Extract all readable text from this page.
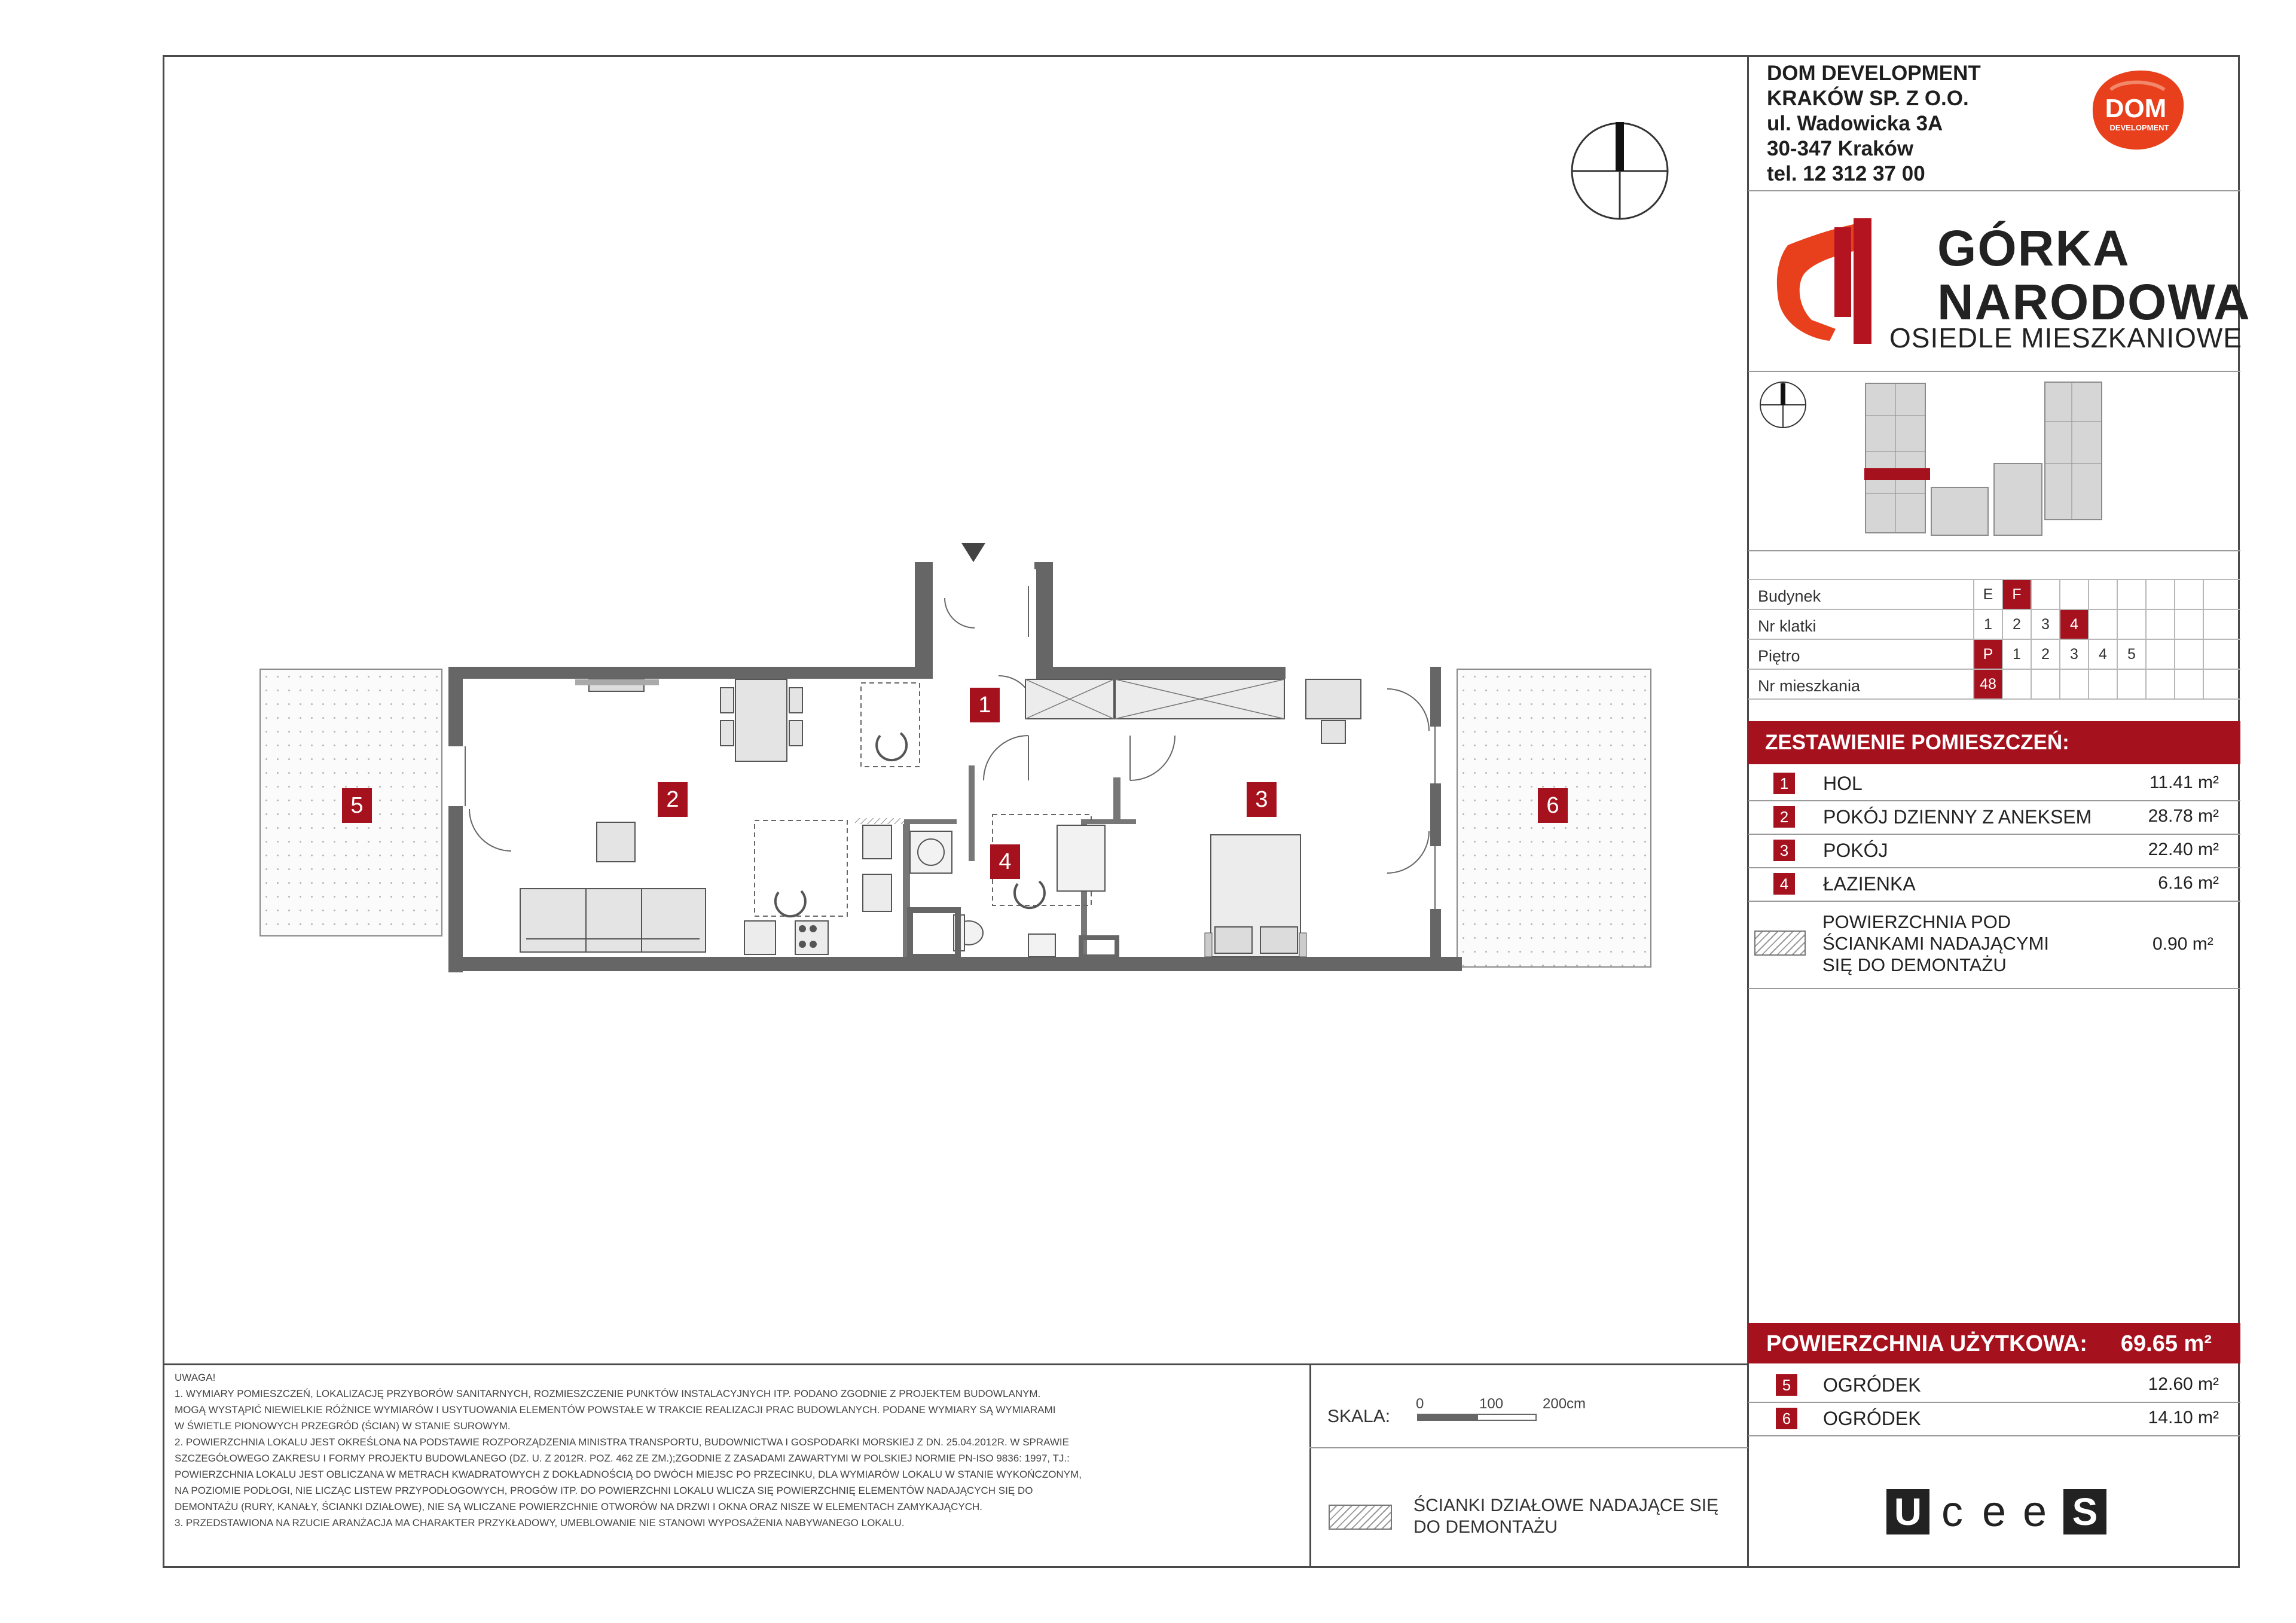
DOM DEVELOPMENT
KRAKÓW SP. Z O.O.
ul. Wadowicka 3A
30-347 Kraków
tel. 12 312 37 00
DOM
DEVELOPMENT
GÓRKA
NARODOWA
OSIEDLE MIESZKANIOWE
Budynek	E	F
Nr klatki	1	2	3	4
Piętro	P	1	2	3	4	5
Nr mieszkania	48
ZESTAWIENIE POMIESZCZEŃ:
1	HOL	11.41 m²
2	POKÓJ DZIENNY Z ANEKSEM	28.78 m²
3	POKÓJ	22.40 m²
4	ŁAZIENKA	6.16 m²
POWIERZCHNIA POD
ŚCIANKAMI NADAJĄCYMI
SIĘ DO DEMONTAŻU
0.90 m²
POWIERZCHNIA UŻYTKOWA: 69.65 m²
5	OGRÓDEK	12.60 m²
6	OGRÓDEK	14.10 m²
U c e e S
SKALA:
0	100	200cm
ŚCIANKI DZIAŁOWE NADAJĄCE SIĘ
DO DEMONTAŻU
UWAGA!
1. WYMIARY POMIESZCZEŃ, LOKALIZACJĘ PRZYBORÓW SANITARNYCH, ROZMIESZCZENIE PUNKTÓW INSTALACYJNYCH ITP. PODANO ZGODNIE Z PROJEKTEM BUDOWLANYM.
MOGĄ WYSTĄPIĆ NIEWIELKIE RÓŻNICE WYMIARÓW I USYTUOWANIA ELEMENTÓW POWSTAŁE W TRAKCIE REALIZACJI PRAC BUDOWLANYCH. PODANE WYMIARY SĄ WYMIARAMI
W ŚWIETLE PIONOWYCH PRZEGRÓD (ŚCIAN) W STANIE SUROWYM.
2. POWIERZCHNIA LOKALU JEST OKREŚLONA NA PODSTAWIE ROZPORZĄDZENIA MINISTRA TRANSPORTU, BUDOWNICTWA I GOSPODARKI MORSKIEJ Z DN. 25.04.2012R. W SPRAWIE
SZCZEGÓŁOWEGO ZAKRESU I FORMY PROJEKTU BUDOWLANEGO (DZ. U. Z 2012R. POZ. 462 ZE ZM.);ZGODNIE Z ZASADAMI ZAWARTYMI W POLSKIEJ NORMIE PN-ISO 9836: 1997, TJ.:
POWIERZCHNIA LOKALU JEST OBLICZANA W METRACH KWADRATOWYCH Z DOKŁADNOŚCIĄ DO DWÓCH MIEJSC PO PRZECINKU, DLA WYMIARÓW LOKALU W STANIE WYKOŃCZONYM,
NA POZIOMIE PODŁOGI, NIE LICZĄC LISTEW PRZYPODŁOGOWYCH, PROGÓW ITP. DO POWIERZCHNI LOKALU WLICZA SIĘ POWIERZCHNIĘ ELEMENTÓW NADAJĄCYCH SIĘ DO
DEMONTAŻU (RURY, KANAŁY, ŚCIANKI DZIAŁOWE), NIE SĄ WLICZANE POWIERZCHNIE OTWORÓW NA DRZWI I OKNA ORAZ NISZE W ELEMENTACH ZAMYKAJĄCYCH.
3. PRZEDSTAWIONA NA RZUCIE ARANŻACJA MA CHARAKTER PRZYKŁADOWY, UMEBLOWANIE NIE STANOWI WYPOSAŻENIA NABYWANEGO LOKALU.
1
2	3
4
5	6
